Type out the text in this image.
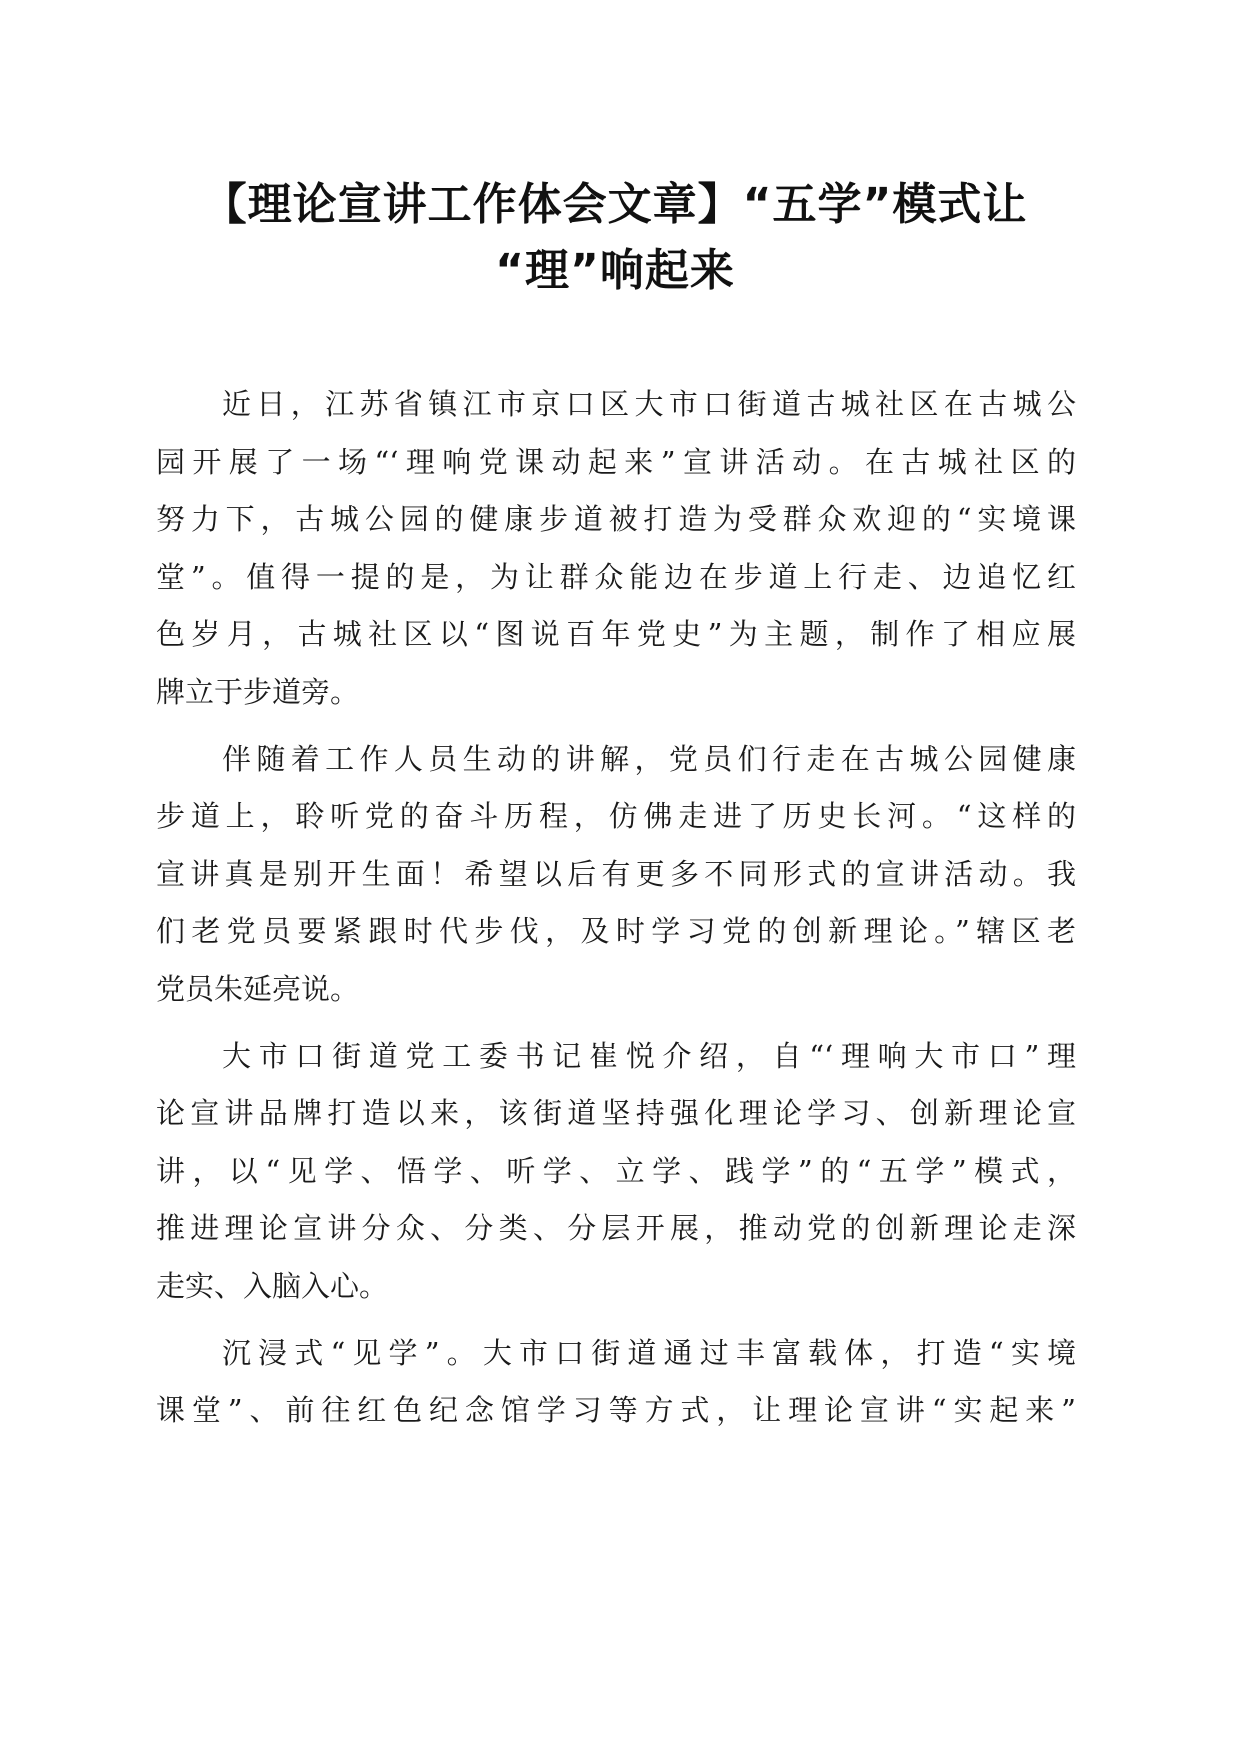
【理论宣讲工作体会文章】“五学”模式让
“理”响起来
近日，江苏省镇江市京口区大市口街道古城社区在古城公
园开展了一场“‘理响党课动起来”宣讲活动。在古城社区的
努力下，古城公园的健康步道被打造为受群众欢迎的“实境课
堂”。值得一提的是，为让群众能边在步道上行走、边追忆红
色岁月，古城社区以“图说百年党史”为主题，制作了相应展
牌立于步道旁。
伴随着工作人员生动的讲解，党员们行走在古城公园健康
步道上，聆听党的奋斗历程，仿佛走进了历史长河。“这样的
宣讲真是别开生面！希望以后有更多不同形式的宣讲活动。我
们老党员要紧跟时代步伐，及时学习党的创新理论。”辖区老
党员朱延亮说。
大市口街道党工委书记崔悦介绍，自“‘理响大市口”理
论宣讲品牌打造以来，该街道坚持强化理论学习、创新理论宣
讲，以“见学、悟学、听学、立学、践学”的“五学”模式，
推进理论宣讲分众、分类、分层开展，推动党的创新理论走深
走实、入脑入心。
沉浸式“见学”。大市口街道通过丰富载体，打造“实境
课堂”、前往红色纪念馆学习等方式，让理论宣讲“实起来”
